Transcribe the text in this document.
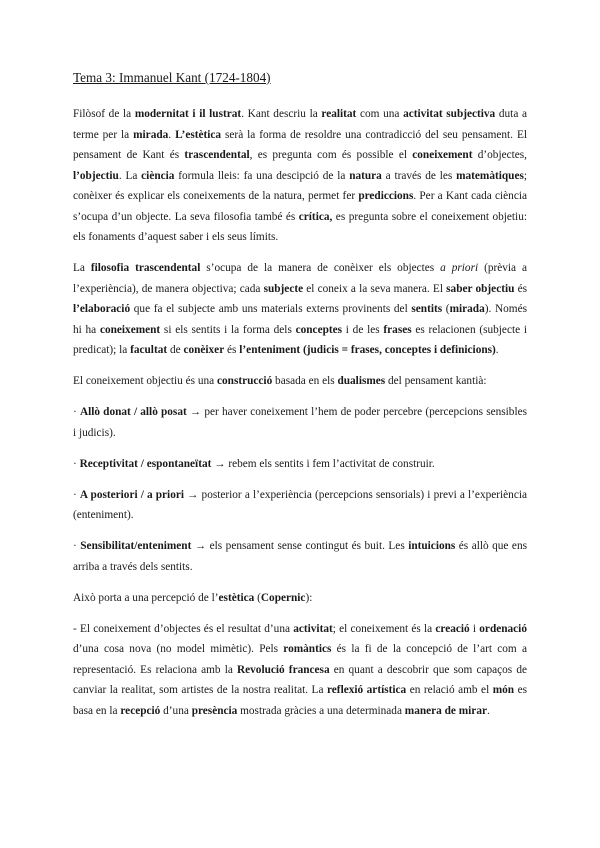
Tema 3: Immanuel Kant (1724-1804)

Filòsof de la modernitat i il lustrat. Kant descriu la realitat com una activitat subjectiva duta a terme per la mirada. L’estètica serà la forma de resoldre una contradicció del seu pensament. El pensament de Kant és trascendental, es pregunta com és possible el coneixement d’objectes, l’objectiu. La ciència formula lleis: fa una descipció de la natura a través de les matemàtiques; conèixer és explicar els coneixements de la natura, permet fer prediccions. Per a Kant cada ciència s’ocupa d’un objecte. La seva filosofia també és crítica, es pregunta sobre el coneixement objetiu: els fonaments d’aquest saber i els seus límits.

La filosofia trascendental s’ocupa de la manera de conèixer els objectes a priori (prèvia a l’experiència), de manera objectiva; cada subjecte el coneix a la seva manera. El saber objectiu és l’elaboració que fa el subjecte amb uns materials externs provinents del sentits (mirada). Només hi ha coneixement si els sentits i la forma dels conceptes i de les frases es relacionen (subjecte i predicat); la facultat de conèixer és l’enteniment (judicis = frases, conceptes i definicions).

El coneixement objectiu és una construcció basada en els dualismes del pensament kantià:

· Allò donat / allò posat → per haver coneixement l’hem de poder percebre (percepcions sensibles i judicis).

· Receptivitat / espontaneïtat → rebem els sentits i fem l’activitat de construir.

· A posteriori / a priori → posterior a l’experiència (percepcions sensorials) i previ a l’experiència (enteniment).

· Sensibilitat/enteniment → els pensament sense contingut és buit. Les intuicions és allò que ens arriba a través dels sentits.

Això porta a una percepció de l’estètica (Copernic):

- El coneixement d’objectes és el resultat d’una activitat; el coneixement és la creació i ordenació d’una cosa nova (no model mimètic). Pels romàntics és la fi de la concepció de l’art com a representació. Es relaciona amb la Revolució francesa en quant a descobrir que som capaços de canviar la realitat, som artistes de la nostra realitat. La reflexió artística en relació amb el món es basa en la recepció d’una presència mostrada gràcies a una determinada manera de mirar.
